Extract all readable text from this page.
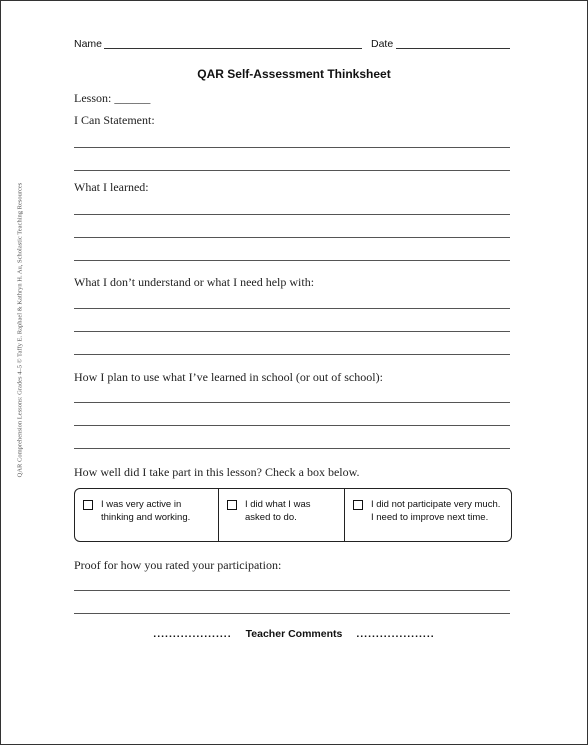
QAR Comprehension Lessons: Grades 4–5 © Taffy E. Raphael & Kathryn H. Au, Scholastic Teaching Resources
Name	Date
QAR Self-Assessment Thinksheet
Lesson: ______
I Can Statement:
What I learned:
What I don’t understand or what I need help with:
How I plan to use what I’ve learned in school (or out of school):
How well did I take part in this lesson? Check a box below.
I was very active in thinking and working.
I did what I was asked to do.
I did not participate very much. I need to improve next time.
Proof for how you rated your participation:
.................... Teacher Comments ....................
